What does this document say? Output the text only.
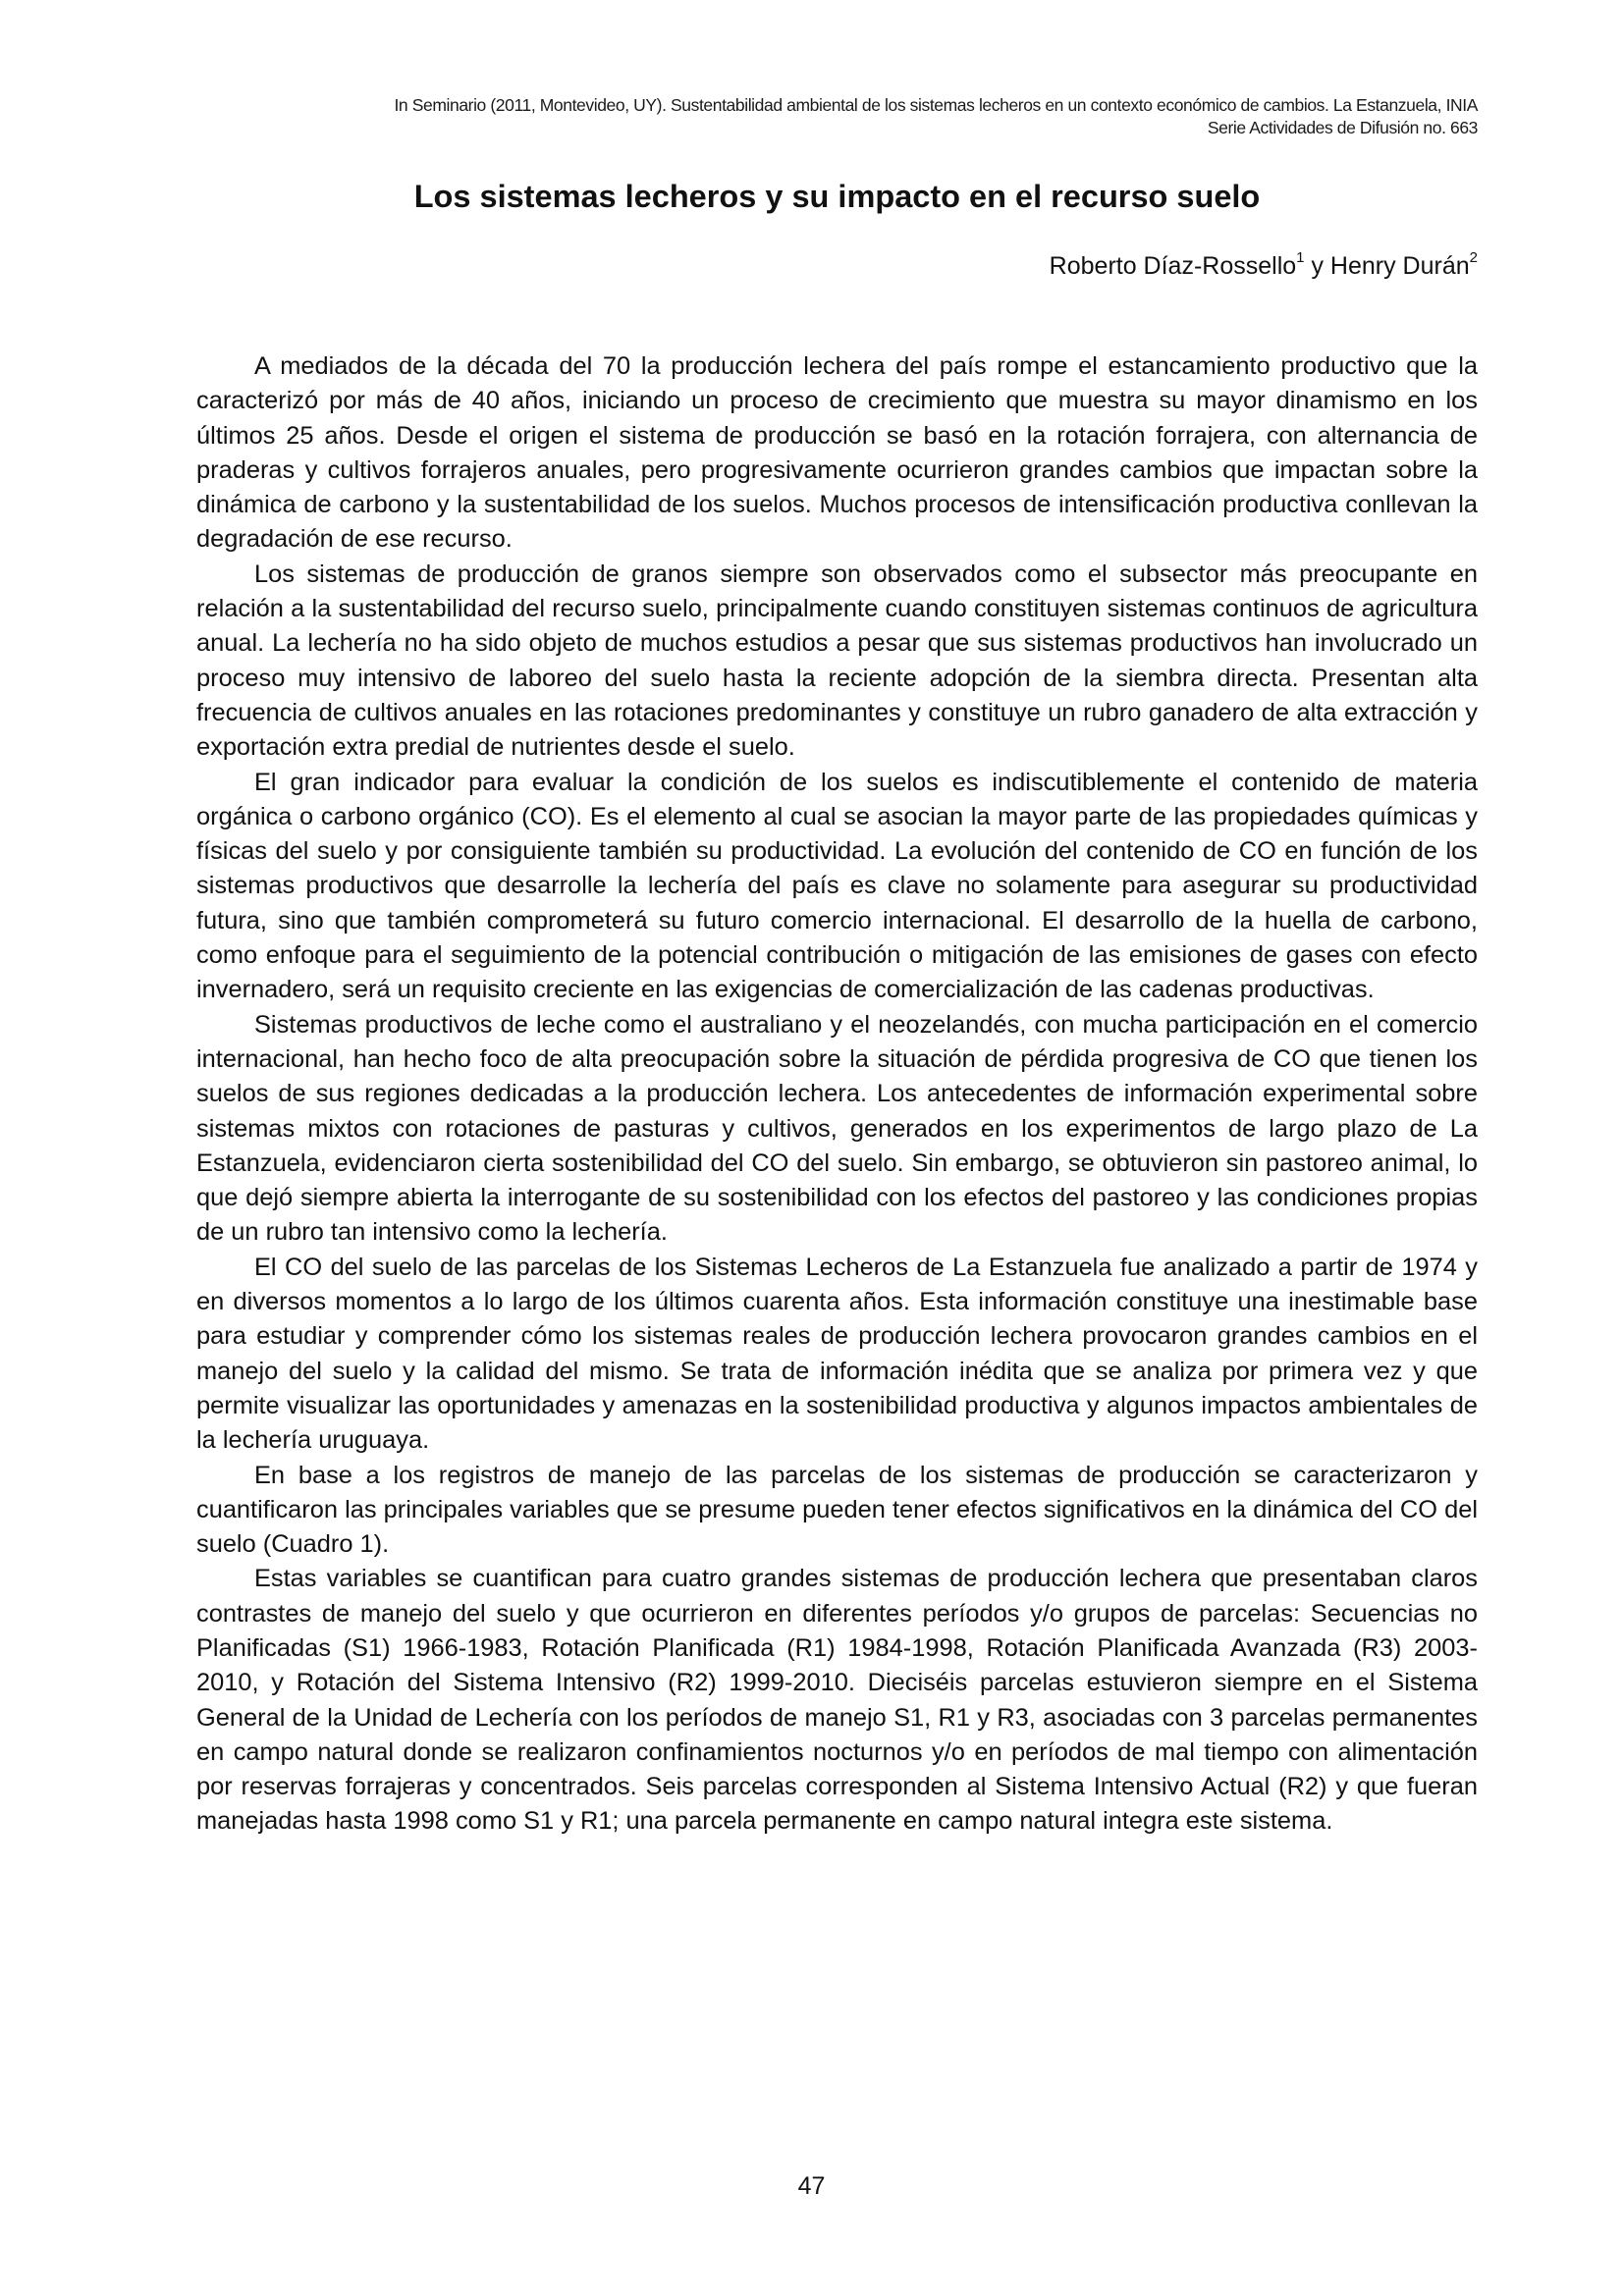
In Seminario (2011, Montevideo, UY). Sustentabilidad ambiental de los sistemas lecheros en un contexto económico de cambios. La Estanzuela, INIA
Serie Actividades de Difusión no. 663
Los sistemas lecheros y su impacto en el recurso suelo
Roberto Díaz-Rossello$^1$ y Henry Durán$^2$

A mediados de la década del 70 la producción lechera del país rompe el estancamiento productivo que la caracterizó por más de 40 años, iniciando un proceso de crecimiento que muestra su mayor dinamismo en los últimos 25 años. Desde el origen el sistema de producción se basó en la rotación forrajera, con alternancia de praderas y cultivos forrajeros anuales, pero progresivamente ocurrieron grandes cambios que impactan sobre la dinámica de carbono y la sustentabilidad de los suelos. Muchos procesos de intensificación productiva conllevan la degradación de ese recurso.

Los sistemas de producción de granos siempre son observados como el subsector más preocupante en relación a la sustentabilidad del recurso suelo, principalmente cuando constituyen sistemas continuos de agricultura anual. La lechería no ha sido objeto de muchos estudios a pesar que sus sistemas productivos han involucrado un proceso muy intensivo de laboreo del suelo hasta la reciente adopción de la siembra directa. Presentan alta frecuencia de cultivos anuales en las rotaciones predominantes y constituye un rubro ganadero de alta extracción y exportación extra predial de nutrientes desde el suelo.

El gran indicador para evaluar la condición de los suelos es indiscutiblemente el contenido de materia orgánica o carbono orgánico (CO). Es el elemento al cual se asocian la mayor parte de las propiedades químicas y físicas del suelo y por consiguiente también su productividad. La evolución del contenido de CO en función de los sistemas productivos que desarrolle la lechería del país es clave no solamente para asegurar su productividad futura, sino que también comprometerá su futuro comercio internacional. El desarrollo de la huella de carbono, como enfoque para el seguimiento de la potencial contribución o mitigación de las emisiones de gases con efecto invernadero, será un requisito creciente en las exigencias de comercialización de las cadenas productivas.

Sistemas productivos de leche como el australiano y el neozelandés, con mucha participación en el comercio internacional, han hecho foco de alta preocupación sobre la situación de pérdida progresiva de CO que tienen los suelos de sus regiones dedicadas a la producción lechera. Los antecedentes de información experimental sobre sistemas mixtos con rotaciones de pasturas y cultivos, generados en los experimentos de largo plazo de La Estanzuela, evidenciaron cierta sostenibilidad del CO del suelo. Sin embargo, se obtuvieron sin pastoreo animal, lo que dejó siempre abierta la interrogante de su sostenibilidad con los efectos del pastoreo y las condiciones propias de un rubro tan intensivo como la lechería.

El CO del suelo de las parcelas de los Sistemas Lecheros de La Estanzuela fue analizado a partir de 1974 y en diversos momentos a lo largo de los últimos cuarenta años. Esta información constituye una inestimable base para estudiar y comprender cómo los sistemas reales de producción lechera provocaron grandes cambios en el manejo del suelo y la calidad del mismo. Se trata de información inédita que se analiza por primera vez y que permite visualizar las oportunidades y amenazas en la sostenibilidad productiva y algunos impactos ambientales de la lechería uruguaya.

En base a los registros de manejo de las parcelas de los sistemas de producción se caracterizaron y cuantificaron las principales variables que se presume pueden tener efectos significativos en la dinámica del CO del suelo (Cuadro 1).

Estas variables se cuantifican para cuatro grandes sistemas de producción lechera que presentaban claros contrastes de manejo del suelo y que ocurrieron en diferentes períodos y/o grupos de parcelas: Secuencias no Planificadas (S1) 1966-1983, Rotación Planificada (R1) 1984-1998, Rotación Planificada Avanzada (R3) 2003-2010, y Rotación del Sistema Intensivo (R2) 1999-2010. Dieciséis parcelas estuvieron siempre en el Sistema General de la Unidad de Lechería con los períodos de manejo S1, R1 y R3, asociadas con 3 parcelas permanentes en campo natural donde se realizaron confinamientos nocturnos y/o en períodos de mal tiempo con alimentación por reservas forrajeras y concentrados. Seis parcelas corresponden al Sistema Intensivo Actual (R2) y que fueran manejadas hasta 1998 como S1 y R1; una parcela permanente en campo natural integra este sistema.

47
